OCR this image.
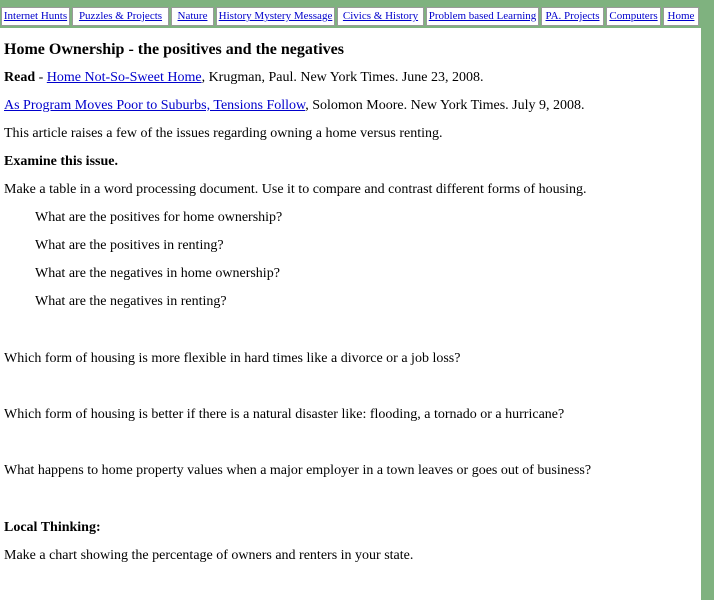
Internet Hunts	Puzzles & Projects	Nature	History Mystery Message Civics & History Problem based Learning PA. Projects Computers Home
Home Ownership - the positives and the negatives
Read - Home Not-So-Sweet Home, Krugman, Paul. New York Times. June 23, 2008.
As Program Moves Poor to Suburbs, Tensions Follow, Solomon Moore. New York Times. July 9, 2008.
This article raises a few of the issues regarding owning a home versus renting.
Examine this issue.
Make a table in a word processing document. Use it to compare and contrast different forms of housing.
What are the positives for home ownership?
What are the positives in renting?
What are the negatives in home ownership?
What are the negatives in renting?
Which form of housing is more flexible in hard times like a divorce or a job loss?
Which form of housing is better if there is a natural disaster like: flooding, a tornado or a hurricane?
What happens to home property values when a major employer in a town leaves or goes out of business?
Local Thinking:
Make a chart showing the percentage of owners and renters in your state.
